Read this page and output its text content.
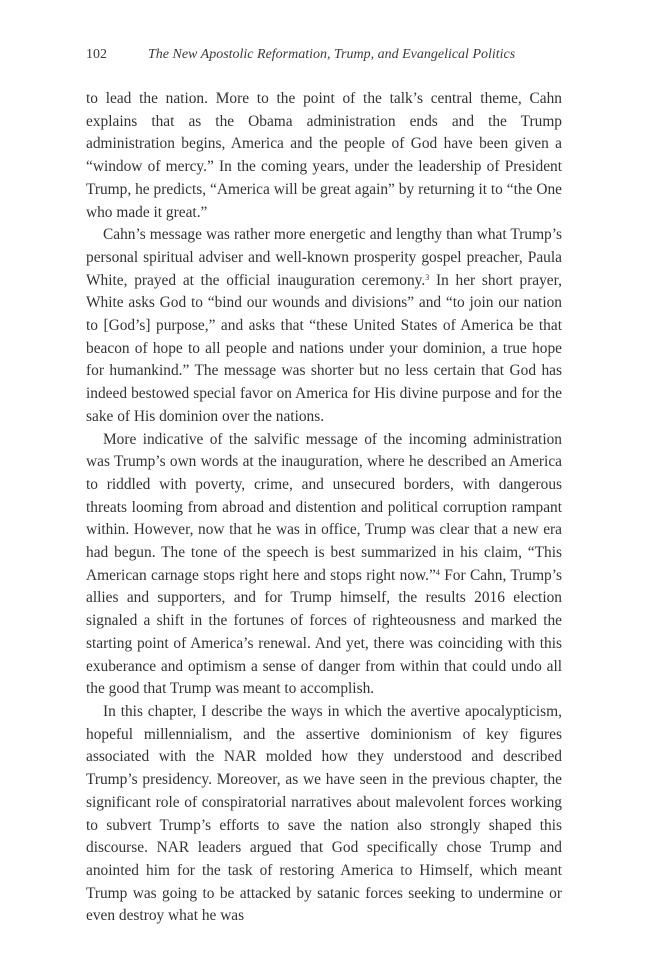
102	The New Apostolic Reformation, Trump, and Evangelical Politics

to lead the nation. More to the point of the talk’s central theme, Cahn explains that as the Obama administration ends and the Trump administration begins, America and the people of God have been given a “window of mercy.” In the coming years, under the leadership of President Trump, he predicts, “America will be great again” by returning it to “the One who made it great.”

Cahn’s message was rather more energetic and lengthy than what Trump’s personal spiritual adviser and well-known prosperity gospel preacher, Paula White, prayed at the official inauguration ceremony.$^3$ In her short prayer, White asks God to “bind our wounds and divisions” and “to join our nation to [God’s] purpose,” and asks that “these United States of America be that beacon of hope to all people and nations under your dominion, a true hope for humankind.” The message was shorter but no less certain that God has indeed bestowed special favor on America for His divine purpose and for the sake of His dominion over the nations.

More indicative of the salvific message of the incoming administration was Trump’s own words at the inauguration, where he described an America to riddled with poverty, crime, and unsecured borders, with dangerous threats looming from abroad and distention and political corruption rampant within. However, now that he was in office, Trump was clear that a new era had begun. The tone of the speech is best summarized in his claim, “This American carnage stops right here and stops right now.”$^4$ For Cahn, Trump’s allies and supporters, and for Trump himself, the results 2016 election signaled a shift in the fortunes of forces of righteousness and marked the starting point of America’s renewal. And yet, there was coinciding with this exuberance and optimism a sense of danger from within that could undo all the good that Trump was meant to accomplish.

In this chapter, I describe the ways in which the avertive apocalypticism, hopeful millennialism, and the assertive dominionism of key figures associated with the NAR molded how they understood and described Trump’s presidency. Moreover, as we have seen in the previous chapter, the significant role of conspiratorial narratives about malevolent forces working to subvert Trump’s efforts to save the nation also strongly shaped this discourse. NAR leaders argued that God specifically chose Trump and anointed him for the task of restoring America to Himself, which meant Trump was going to be attacked by satanic forces seeking to undermine or even destroy what he was
